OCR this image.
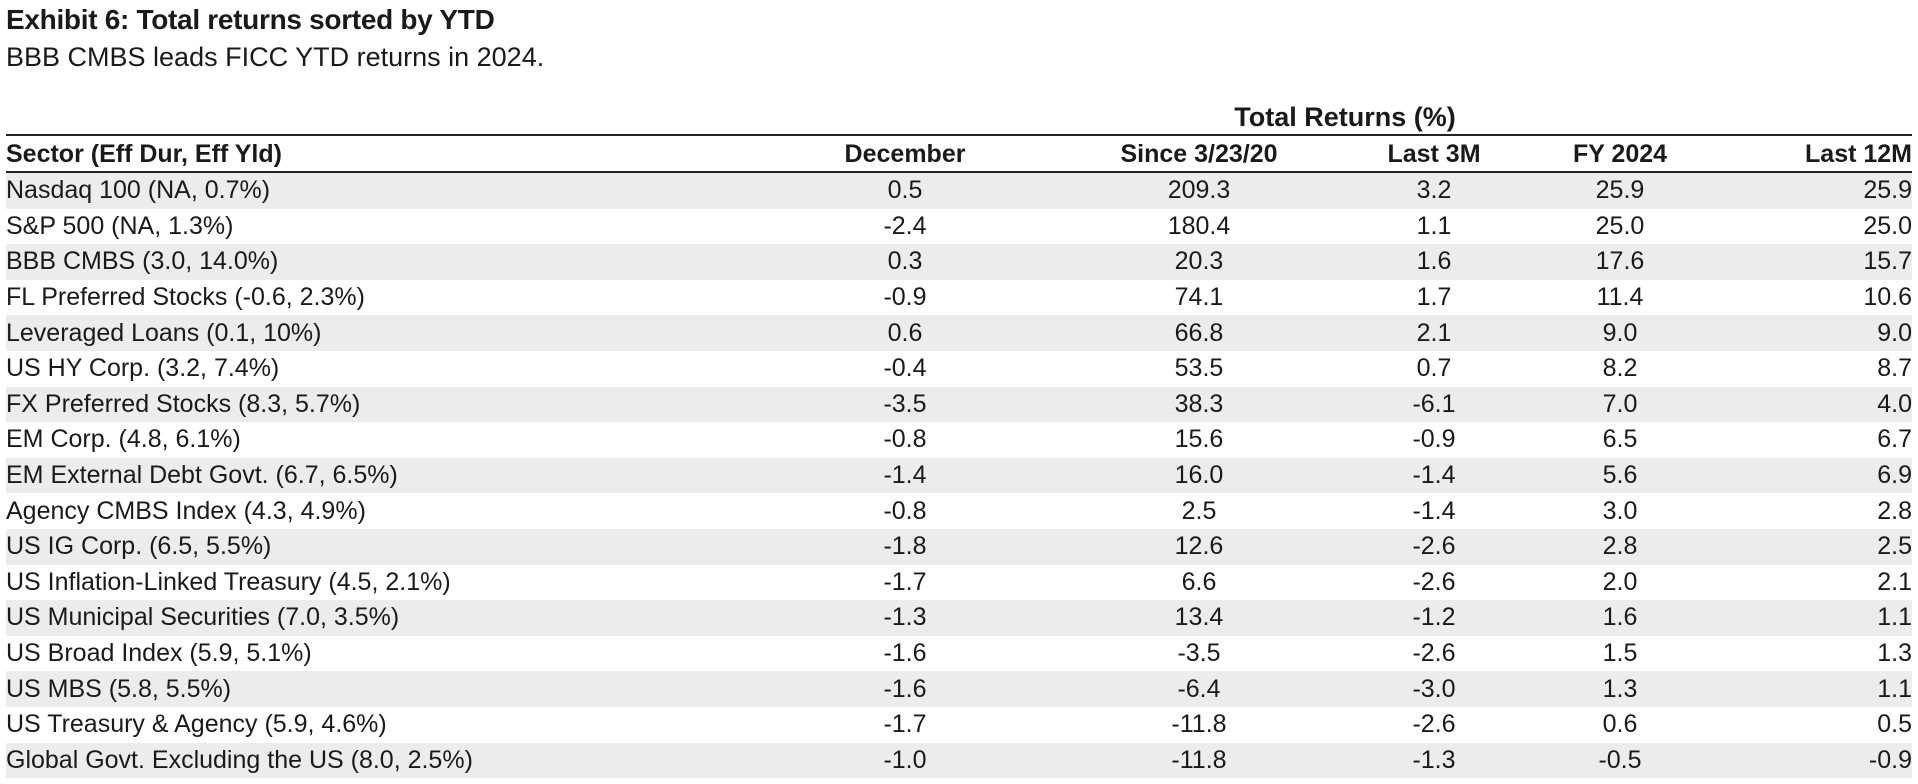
Exhibit 6: Total returns sorted by YTD
BBB CMBS leads FICC YTD returns in 2024.
Total Returns (%)
Sector (Eff Dur, Eff Yld)	December	Since 3/23/20	Last 3M	FY 2024	Last 12M
Nasdaq 100 (NA, 0.7%)	0.5	209.3	3.2	25.9	25.9
S&P 500 (NA, 1.3%)	-2.4	180.4	1.1	25.0	25.0
BBB CMBS (3.0, 14.0%)	0.3	20.3	1.6	17.6	15.7
FL Preferred Stocks (-0.6, 2.3%)	-0.9	74.1	1.7	11.4	10.6
Leveraged Loans (0.1, 10%)	0.6	66.8	2.1	9.0	9.0
US HY Corp. (3.2, 7.4%)	-0.4	53.5	0.7	8.2	8.7
FX Preferred Stocks (8.3, 5.7%)	-3.5	38.3	-6.1	7.0	4.0
EM Corp. (4.8, 6.1%)	-0.8	15.6	-0.9	6.5	6.7
EM External Debt Govt. (6.7, 6.5%)	-1.4	16.0	-1.4	5.6	6.9
Agency CMBS Index (4.3, 4.9%)	-0.8	2.5	-1.4	3.0	2.8
US IG Corp. (6.5, 5.5%)	-1.8	12.6	-2.6	2.8	2.5
US Inflation-Linked Treasury (4.5, 2.1%)	-1.7	6.6	-2.6	2.0	2.1
US Municipal Securities (7.0, 3.5%)	-1.3	13.4	-1.2	1.6	1.1
US Broad Index (5.9, 5.1%)	-1.6	-3.5	-2.6	1.5	1.3
US MBS (5.8, 5.5%)	-1.6	-6.4	-3.0	1.3	1.1
US Treasury & Agency (5.9, 4.6%)	-1.7	-11.8	-2.6	0.6	0.5
Global Govt. Excluding the US (8.0, 2.5%)	-1.0	-11.8	-1.3	-0.5	-0.9
